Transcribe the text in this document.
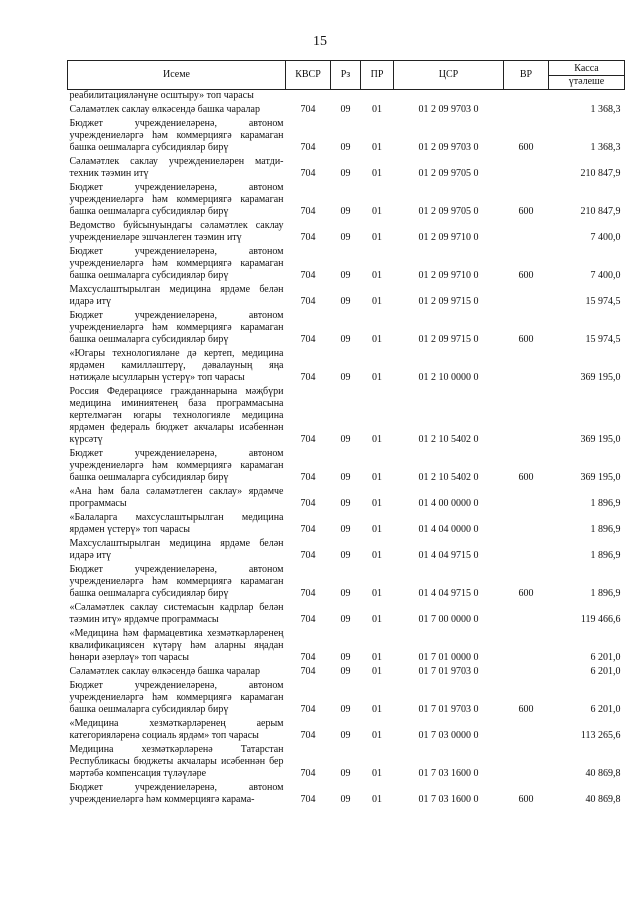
15
Исеме	КВСР	Рз	ПР	ЦСР	ВР	Касса
үтәлеше

реабилитацияләнүне осштыру» топ чарасы						
Сәламәтлек саклау өлкәсендә башка чаралар	704	09	01	01 2 09 9703 0		1 368,3
Бюджет учреждениеләренә, автоном учреждениеләргә һәм коммерциягә карамаган башка оешмаларга субсидияләр бирү	704	09	01	01 2 09 9703 0	600	1 368,3
Сәламәтлек саклау учреждениеләрен матди-техник тәэмин итү	704	09	01	01 2 09 9705 0		210 847,9
Бюджет учреждениеләренә, автоном учреждениеләргә һәм коммерциягә карамаган башка оешмаларга субсидияләр бирү	704	09	01	01 2 09 9705 0	600	210 847,9
Ведомство буйсынуындагы сәламәтлек саклау учреждениеләре эшчәнлеген тәэмин итү	704	09	01	01 2 09 9710 0		7 400,0
Бюджет учреждениеләренә, автоном учреждениеләргә һәм коммерциягә карамаган башка оешмаларга субсидияләр бирү	704	09	01	01 2 09 9710 0	600	7 400,0
Махсуслаштырылган медицина ярдәме белән идарә итү	704	09	01	01 2 09 9715 0		15 974,5
Бюджет учреждениеләренә, автоном учреждениеләргә һәм коммерциягә карамаган башка оешмаларга субсидияләр бирү	704	09	01	01 2 09 9715 0	600	15 974,5
«Югары технологияләне дә кертеп, медицина ярдәмен камилләштерү, дәвалауның яңа нәтиҗәле ысулларын үстерү» топ чарасы	704	09	01	01 2 10 0000 0		369 195,0
Россия Федерациясе гражданнарына мәҗбүри медицина иминиятенең база программасына кертелмәгән югары технологияле медицина ярдәмен федераль бюджет акчалары исәбеннән күрсәтү	704	09	01	01 2 10 5402 0		369 195,0
Бюджет учреждениеләренә, автоном учреждениеләргә һәм коммерциягә карамаган башка оешмаларга субсидияләр бирү	704	09	01	01 2 10 5402 0	600	369 195,0
«Ана һәм бала сәламәтлеген саклау» ярдәмче программасы	704	09	01	01 4 00 0000 0		1 896,9
«Балаларга махсуслаштырылган медицина ярдәмен үстерү» топ чарасы	704	09	01	01 4 04 0000 0		1 896,9
Махсуслаштырылган медицина ярдәме белән идарә итү	704	09	01	01 4 04 9715 0		1 896,9
Бюджет учреждениеләренә, автоном учреждениеләргә һәм коммерциягә карамаган башка оешмаларга субсидияләр бирү	704	09	01	01 4 04 9715 0	600	1 896,9
«Сәламәтлек саклау системасын кадрлар белән тәэмин итү» ярдәмче программасы	704	09	01	01 7 00 0000 0		119 466,6
«Медицина һәм фармацевтика хезмәткәрләренең квалификациясен күтәрү һәм аларны яңадан һөнәри әзерләү» топ чарасы	704	09	01	01 7 01 0000 0		6 201,0
Сәламәтлек саклау өлкәсендә башка чаралар	704	09	01	01 7 01 9703 0		6 201,0
Бюджет учреждениеләренә, автоном учреждениеләргә һәм коммерциягә карамаган башка оешмаларга субсидияләр бирү	704	09	01	01 7 01 9703 0	600	6 201,0
«Медицина хезмәткәрләренең аерым категорияләренә социаль ярдәм» топ чарасы	704	09	01	01 7 03 0000 0		113 265,6
Медицина хезмәткәрләренә Татарстан Республикасы бюджеты акчалары исәбеннән бер мәртәбә компенсация түләүләре	704	09	01	01 7 03 1600 0		40 869,8
Бюджет учреждениеләренә, автоном учреждениеләргә һәм коммерциягә карама-	704	09	01	01 7 03 1600 0	600	40 869,8
